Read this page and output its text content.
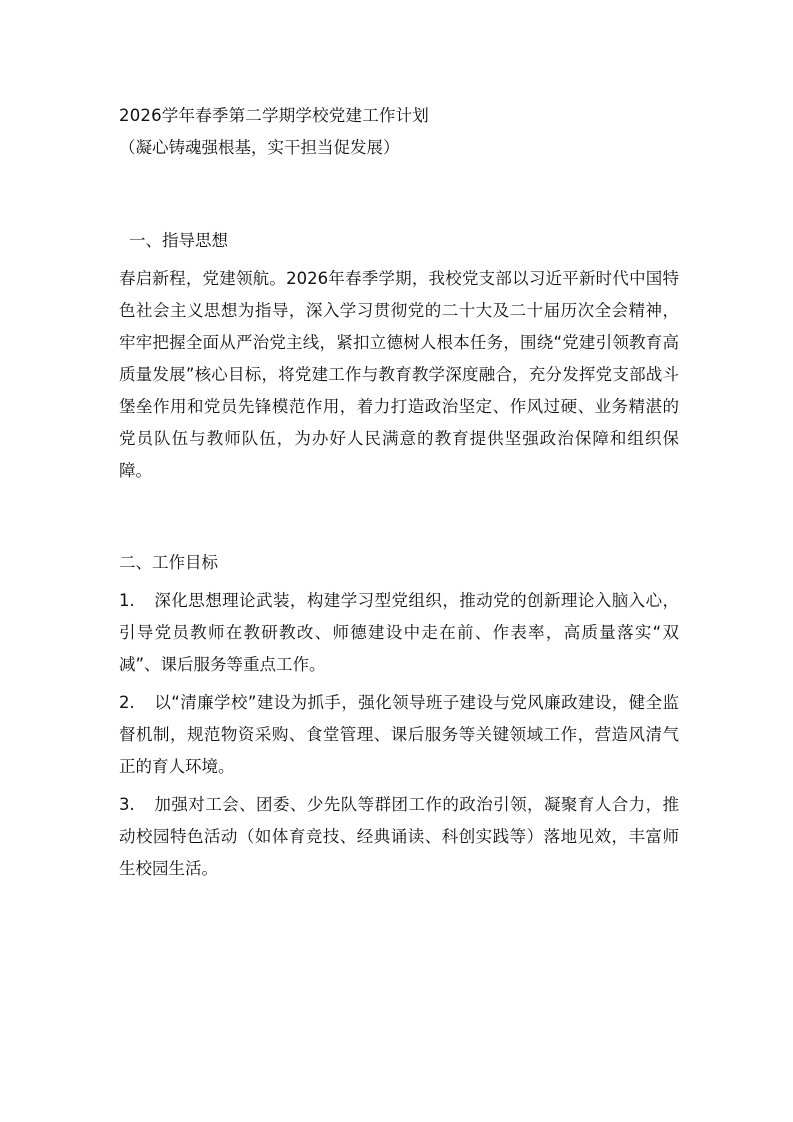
2026学年春季第二学期学校党建工作计划

（凝心铸魂强根基，实干担当促发展）

一、指导思想

春启新程，党建领航。2026年春季学期，我校党支部以习近平新时代中国特色社会主义思想为指导，深入学习贯彻党的二十大及二十届历次全会精神，牢牢把握全面从严治党主线，紧扣立德树人根本任务，围绕“党建引领教育高质量发展”核心目标，将党建工作与教育教学深度融合，充分发挥党支部战斗堡垒作用和党员先锋模范作用，着力打造政治坚定、作风过硬、业务精湛的党员队伍与教师队伍，为办好人民满意的教育提供坚强政治保障和组织保障。

二、工作目标

1. 深化思想理论武装，构建学习型党组织，推动党的创新理论入脑入心，引导党员教师在教研教改、师德建设中走在前、作表率，高质量落实“双减”、课后服务等重点工作。

2. 以“清廉学校”建设为抓手，强化领导班子建设与党风廉政建设，健全监督机制，规范物资采购、食堂管理、课后服务等关键领域工作，营造风清气正的育人环境。

3. 加强对工会、团委、少先队等群团工作的政治引领，凝聚育人合力，推动校园特色活动（如体育竞技、经典诵读、科创实践等）落地见效，丰富师生校园生活。
